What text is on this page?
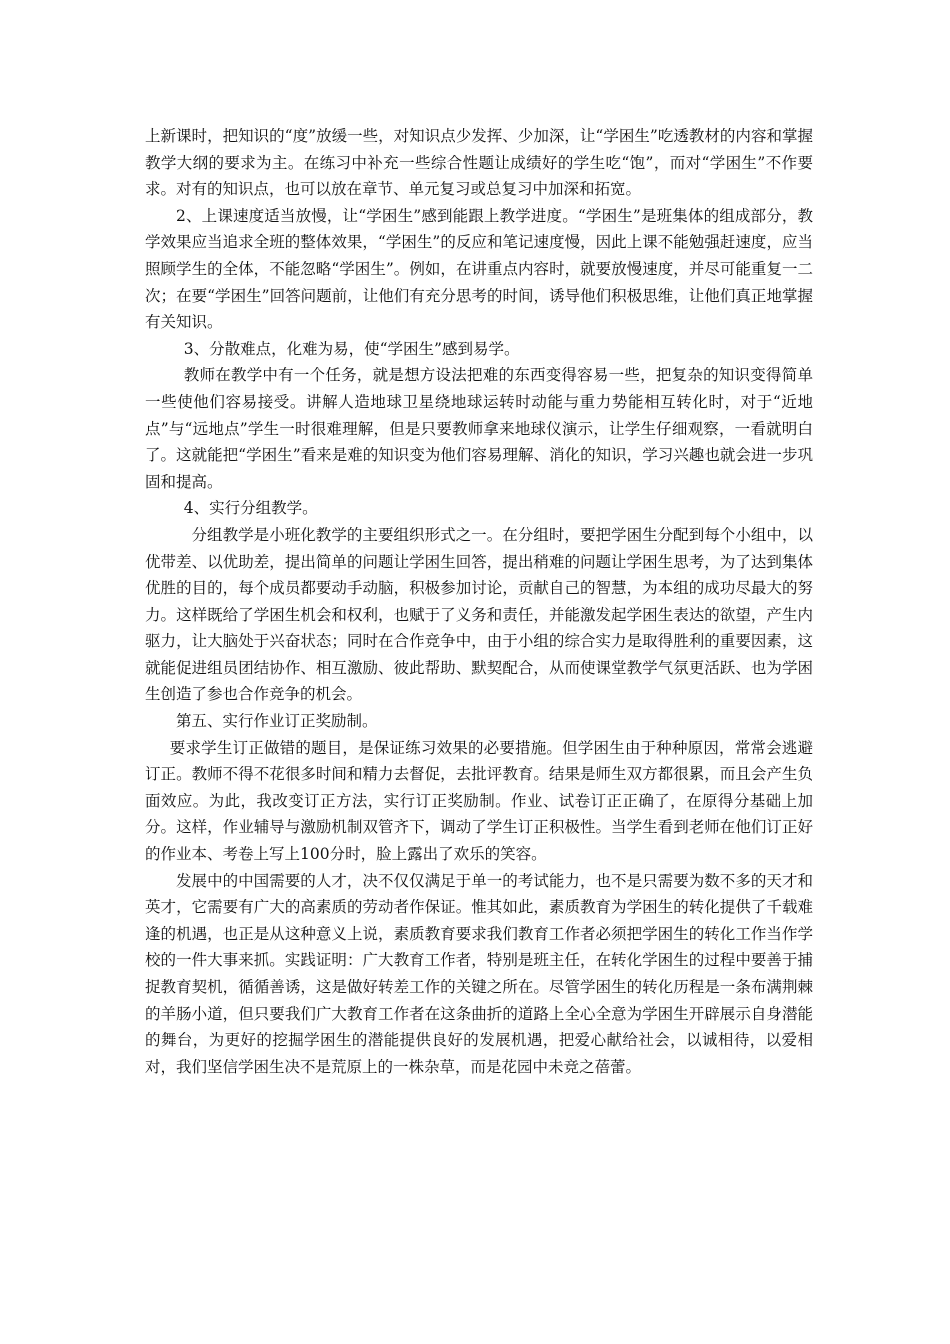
上新课时，把知识的“度”放缓一些，对知识点少发挥、少加深，让“学困生”吃透教材的内容和掌握教学大纲的要求为主。在练习中补充一些综合性题让成绩好的学生吃“饱”，而对“学困生”不作要求。对有的知识点，也可以放在章节、单元复习或总复习中加深和拓宽。

2、上课速度适当放慢，让“学困生”感到能跟上教学进度。“学困生”是班集体的组成部分，教学效果应当追求全班的整体效果，“学困生”的反应和笔记速度慢，因此上课不能勉强赶速度，应当照顾学生的全体，不能忽略“学困生”。例如，在讲重点内容时，就要放慢速度，并尽可能重复一二次；在要“学困生”回答问题前，让他们有充分思考的时间，诱导他们积极思维，让他们真正地掌握有关知识。

3、分散难点，化难为易，使“学困生”感到易学。

教师在教学中有一个任务，就是想方设法把难的东西变得容易一些，把复杂的知识变得简单一些使他们容易接受。讲解人造地球卫星绕地球运转时动能与重力势能相互转化时，对于“近地点”与“远地点”学生一时很难理解，但是只要教师拿来地球仪演示，让学生仔细观察，一看就明白了。这就能把“学困生”看来是难的知识变为他们容易理解、消化的知识，学习兴趣也就会进一步巩固和提高。

4、实行分组教学。

分组教学是小班化教学的主要组织形式之一。在分组时，要把学困生分配到每个小组中，以优带差、以优助差，提出简单的问题让学困生回答，提出稍难的问题让学困生思考，为了达到集体优胜的目的，每个成员都要动手动脑，积极参加讨论，贡献自己的智慧，为本组的成功尽最大的努力。这样既给了学困生机会和权利，也赋于了义务和责任，并能激发起学困生表达的欲望，产生内驱力，让大脑处于兴奋状态；同时在合作竞争中，由于小组的综合实力是取得胜利的重要因素，这就能促进组员团结协作、相互激励、彼此帮助、默契配合，从而使课堂教学气氛更活跃、也为学困生创造了参也合作竞争的机会。

第五、实行作业订正奖励制。

要求学生订正做错的题目，是保证练习效果的必要措施。但学困生由于种种原因，常常会逃避订正。教师不得不花很多时间和精力去督促，去批评教育。结果是师生双方都很累，而且会产生负面效应。为此，我改变订正方法，实行订正奖励制。作业、试卷订正正确了，在原得分基础上加分。这样，作业辅导与激励机制双管齐下，调动了学生订正积极性。当学生看到老师在他们订正好的作业本、考卷上写上100分时，脸上露出了欢乐的笑容。

发展中的中国需要的人才，决不仅仅满足于单一的考试能力，也不是只需要为数不多的天才和英才，它需要有广大的高素质的劳动者作保证。惟其如此，素质教育为学困生的转化提供了千载难逢的机遇，也正是从这种意义上说，素质教育要求我们教育工作者必须把学困生的转化工作当作学校的一件大事来抓。实践证明：广大教育工作者，特别是班主任，在转化学困生的过程中要善于捕捉教育契机，循循善诱，这是做好转差工作的关键之所在。尽管学困生的转化历程是一条布满荆棘的羊肠小道，但只要我们广大教育工作者在这条曲折的道路上全心全意为学困生开辟展示自身潜能的舞台，为更好的挖掘学困生的潜能提供良好的发展机遇，把爱心献给社会，以诚相待，以爱相对，我们坚信学困生决不是荒原上的一株杂草，而是花园中未竞之蓓蕾。
